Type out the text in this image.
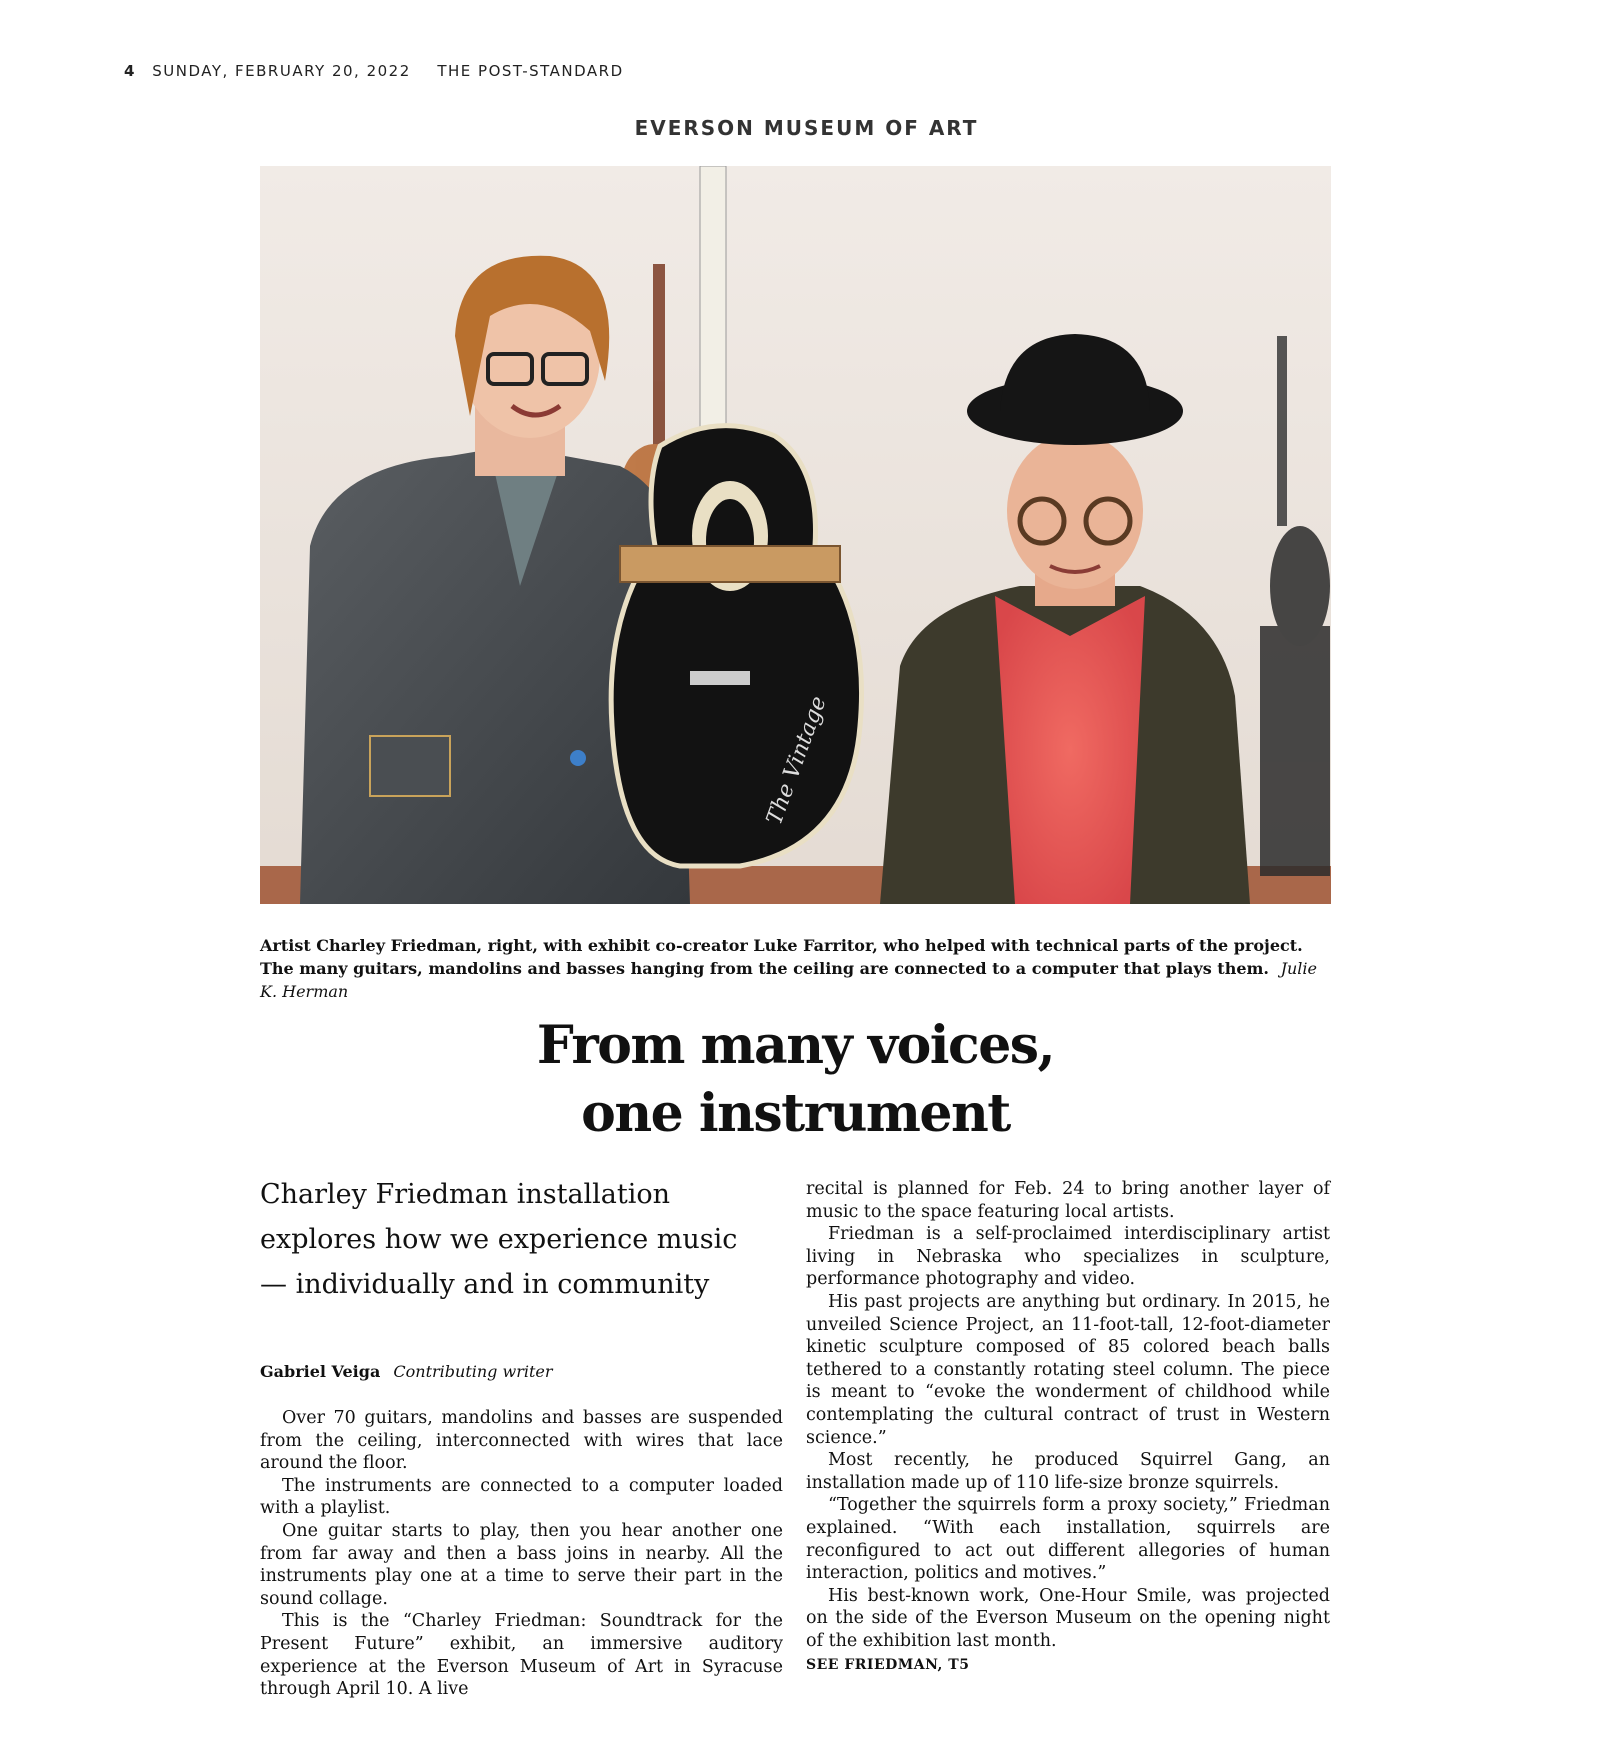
4 SUNDAY, FEBRUARY 20, 2022 THE POST-STANDARD
EVERSON MUSEUM OF ART
The Vintage
Artist Charley Friedman, right, with exhibit co-creator Luke Farritor, who helped with technical parts of the project. The many guitars, mandolins and basses hanging from the ceiling are connected to a computer that plays them. Julie K. Herman
From many voices,
one instrument
Charley Friedman installation
explores how we experience music
— individually and in community
Gabriel Veiga Contributing writer

Over 70 guitars, mandolins and basses are suspended from the ceiling, interconnected with wires that lace around the floor.

The instruments are connected to a computer loaded with a playlist.

One guitar starts to play, then you hear another one from far away and then a bass joins in nearby. All the instruments play one at a time to serve their part in the sound collage.

This is the “Charley Friedman: Soundtrack for the Present Future” exhibit, an immersive auditory experience at the Everson Museum of Art in Syracuse through April 10. A live

recital is planned for Feb. 24 to bring another layer of music to the space featuring local artists.

Friedman is a self-proclaimed interdisciplinary artist living in Nebraska who specializes in sculpture, performance photography and video.

His past projects are anything but ordinary. In 2015, he unveiled Science Project, an 11-foot-tall, 12-foot-diameter kinetic sculpture composed of 85 colored beach balls tethered to a constantly rotating steel column. The piece is meant to “evoke the wonderment of childhood while contemplating the cultural contract of trust in Western science.”

Most recently, he produced Squirrel Gang, an installation made up of 110 life-size bronze squirrels.

“Together the squirrels form a proxy society,” Friedman explained. “With each installation, squirrels are reconfigured to act out different allegories of human interaction, politics and motives.”

His best-known work, One-Hour Smile, was projected on the side of the Everson Museum on the opening night of the exhibition last month.

SEE FRIEDMAN, T5
